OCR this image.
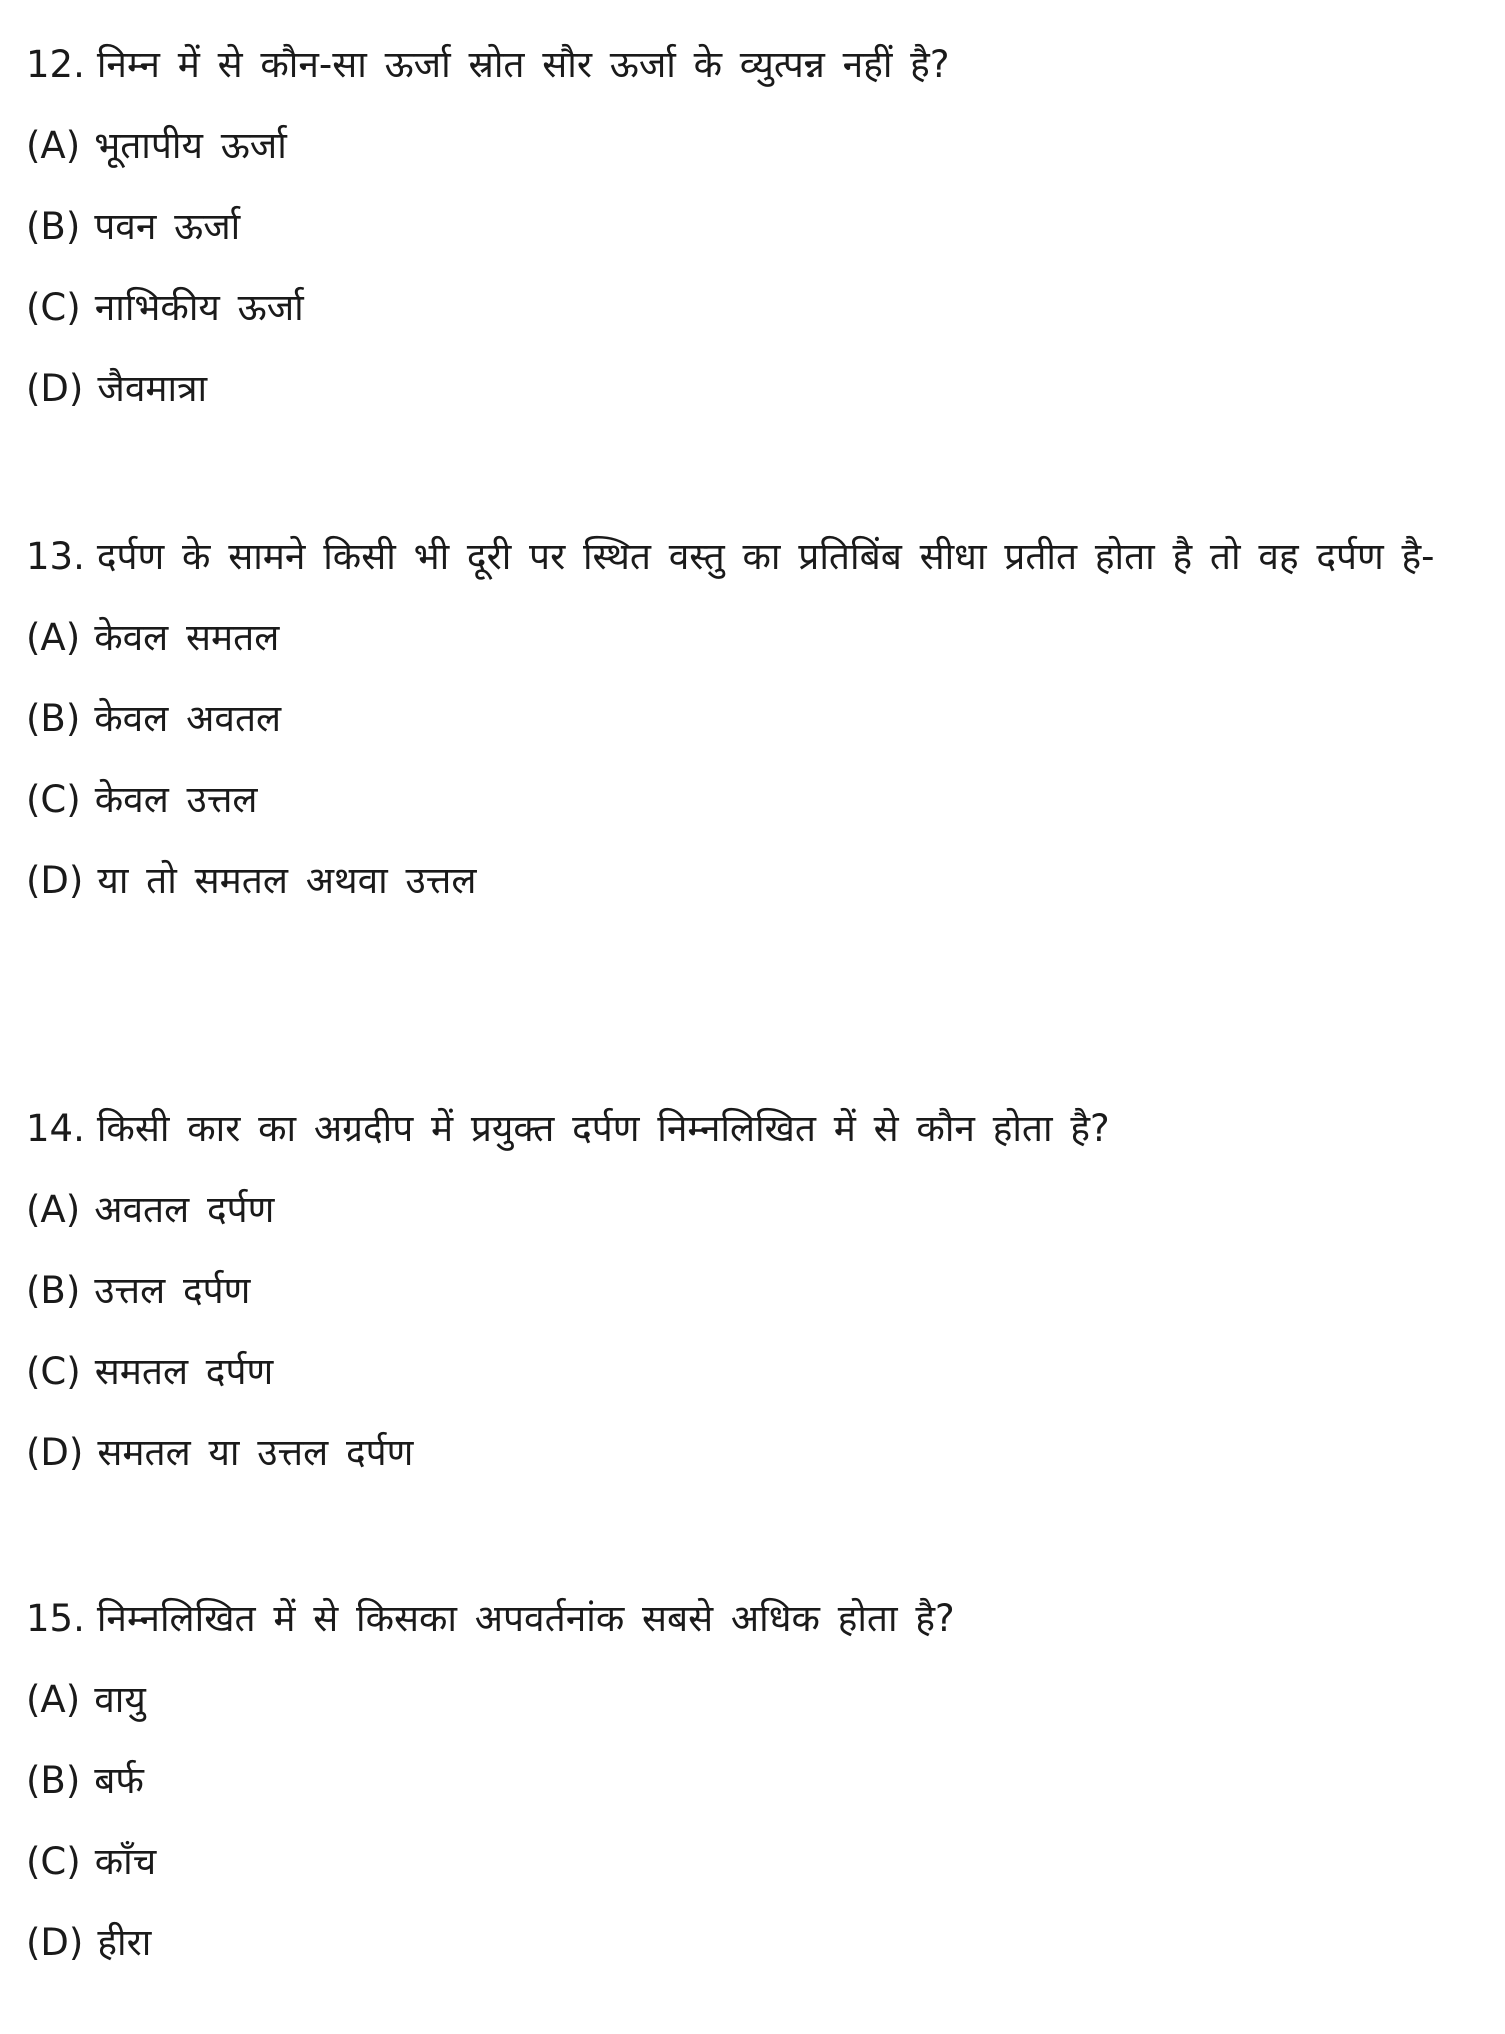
12. निम्न में से कौन-सा ऊर्जा स्रोत सौर ऊर्जा के व्युत्पन्न नहीं है?

(A) भूतापीय ऊर्जा

(B) पवन ऊर्जा

(C) नाभिकीय ऊर्जा

(D) जैवमात्रा

13. दर्पण के सामने किसी भी दूरी पर स्थित वस्तु का प्रतिबिंब सीधा प्रतीत होता है तो वह दर्पण है-

(A) केवल समतल

(B) केवल अवतल

(C) केवल उत्तल

(D) या तो समतल अथवा उत्तल

14. किसी कार का अग्रदीप में प्रयुक्त दर्पण निम्नलिखित में से कौन होता है?

(A) अवतल दर्पण

(B) उत्तल दर्पण

(C) समतल दर्पण

(D) समतल या उत्तल दर्पण

15. निम्नलिखित में से किसका अपवर्तनांक सबसे अधिक होता है?

(A) वायु

(B) बर्फ

(C) काँच

(D) हीरा
